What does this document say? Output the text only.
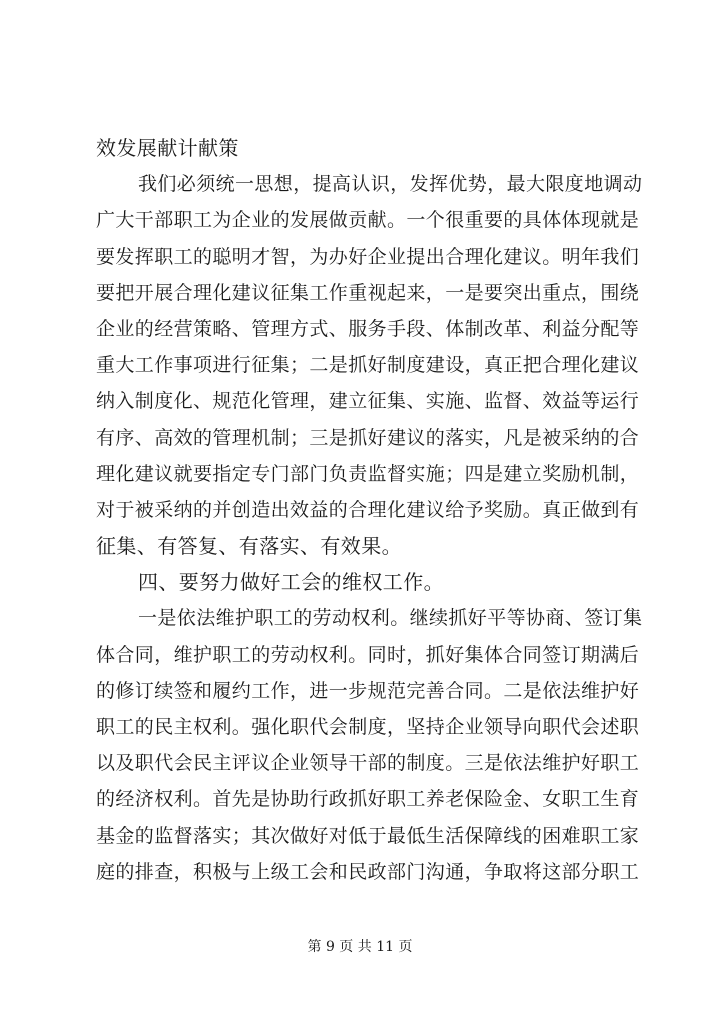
效发展献计献策
我们必须统一思想，提高认识，发挥优势，最大限度地调动
广大干部职工为企业的发展做贡献。一个很重要的具体体现就是
要发挥职工的聪明才智，为办好企业提出合理化建议。明年我们
要把开展合理化建议征集工作重视起来，一是要突出重点，围绕
企业的经营策略、管理方式、服务手段、体制改革、利益分配等
重大工作事项进行征集；二是抓好制度建设，真正把合理化建议
纳入制度化、规范化管理，建立征集、实施、监督、效益等运行
有序、高效的管理机制；三是抓好建议的落实，凡是被采纳的合
理化建议就要指定专门部门负责监督实施；四是建立奖励机制，
对于被采纳的并创造出效益的合理化建议给予奖励。真正做到有
征集、有答复、有落实、有效果。
四、要努力做好工会的维权工作。
一是依法维护职工的劳动权利。继续抓好平等协商、签订集
体合同，维护职工的劳动权利。同时，抓好集体合同签订期满后
的修订续签和履约工作，进一步规范完善合同。二是依法维护好
职工的民主权利。强化职代会制度，坚持企业领导向职代会述职
以及职代会民主评议企业领导干部的制度。三是依法维护好职工
的经济权利。首先是协助行政抓好职工养老保险金、女职工生育
基金的监督落实；其次做好对低于最低生活保障线的困难职工家
庭的排查，积极与上级工会和民政部门沟通，争取将这部分职工
第 9 页 共 11 页
